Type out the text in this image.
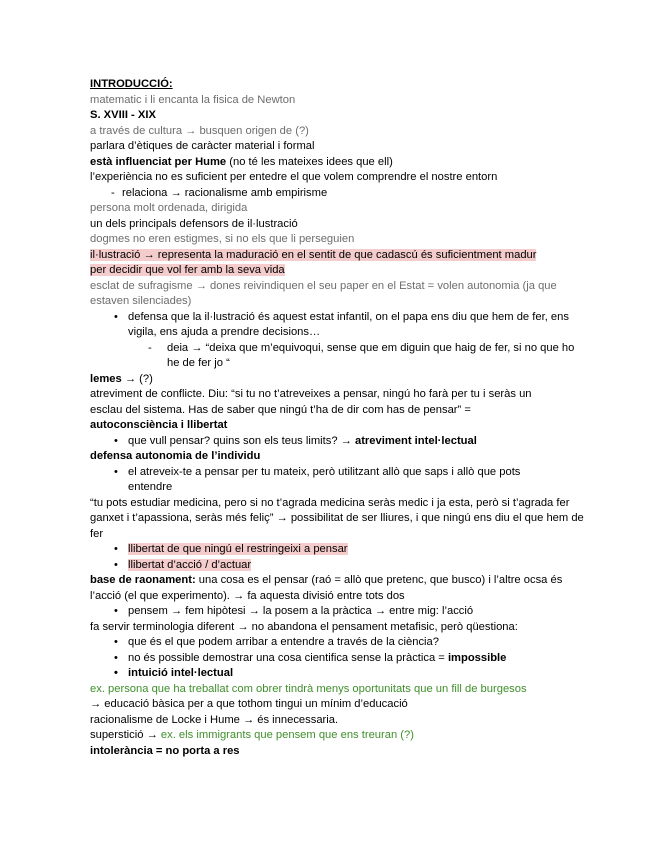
INTRODUCCIÓ:
matematic i li encanta la fisica de Newton
S. XVIII - XIX
a través de cultura → busquen origen de (?)
parlara d’ètiques de caràcter material i formal
està influenciat per Hume (no té les mateixes idees que ell)
l’experiència no es suficient per entedre el que volem comprendre el nostre entorn
- relaciona → racionalisme amb empirisme
persona molt ordenada, dirigida
un dels principals defensors de il·lustració
dogmes no eren estigmes, si no els que li perseguien
il·lustració → representa la maduració en el sentit de que cadascú és suficientment madur
per decidir que vol fer amb la seva vida
esclat de sufragisme → dones reivindiquen el seu paper en el Estat = volen autonomia (ja que estaven silenciades)
• defensa que la il·lustració és aquest estat infantil, on el papa ens diu que hem de fer, ens vigila, ens ajuda a prendre decisions…
- deia → “deixa que m’equivoqui, sense que em diguin que haig de fer, si no que ho he de fer jo “
lemes → (?)
atreviment de conflicte. Diu: “si tu no t’atreveixes a pensar, ningú ho farà per tu i seràs un esclau del sistema. Has de saber que ningú t’ha de dir com has de pensar” =
autoconsciència i llibertat
• que vull pensar? quins son els teus limits? → atreviment intel·lectual
defensa autonomia de l’individu
• el atreveix-te a pensar per tu mateix, però utilitzant allò que saps i allò que pots entendre
“tu pots estudiar medicina, pero si no t’agrada medicina seràs medic i ja esta, però si t’agrada fer ganxet i t’apassiona, seràs més feliç” → possibilitat de ser lliures, i que ningú ens diu el que hem de fer
• llibertat de que ningú el restringeixi a pensar
• llibertat d’acció / d’actuar
base de raonament: una cosa es el pensar (raó = allò que pretenc, que busco) i l’altre ocsa és l’acció (el que experimento). → fa aquesta divisió entre tots dos
• pensem → fem hipòtesi → la posem a la pràctica → entre mig: l’acció
fa servir terminologia diferent → no abandona el pensament metafisic, però qüestiona:
• que és el que podem arribar a entendre a través de la ciència?
• no és possible demostrar una cosa cientifica sense la pràctica = impossible
• intuició intel·lectual
ex. persona que ha treballat com obrer tindrà menys oportunitats que un fill de burgesos
→ educació bàsica per a que tothom tingui un mínim d’educació
racionalisme de Locke i Hume → és innecessaria.
superstició → ex. els immigrants que pensem que ens treuran (?)
intolerància = no porta a res
